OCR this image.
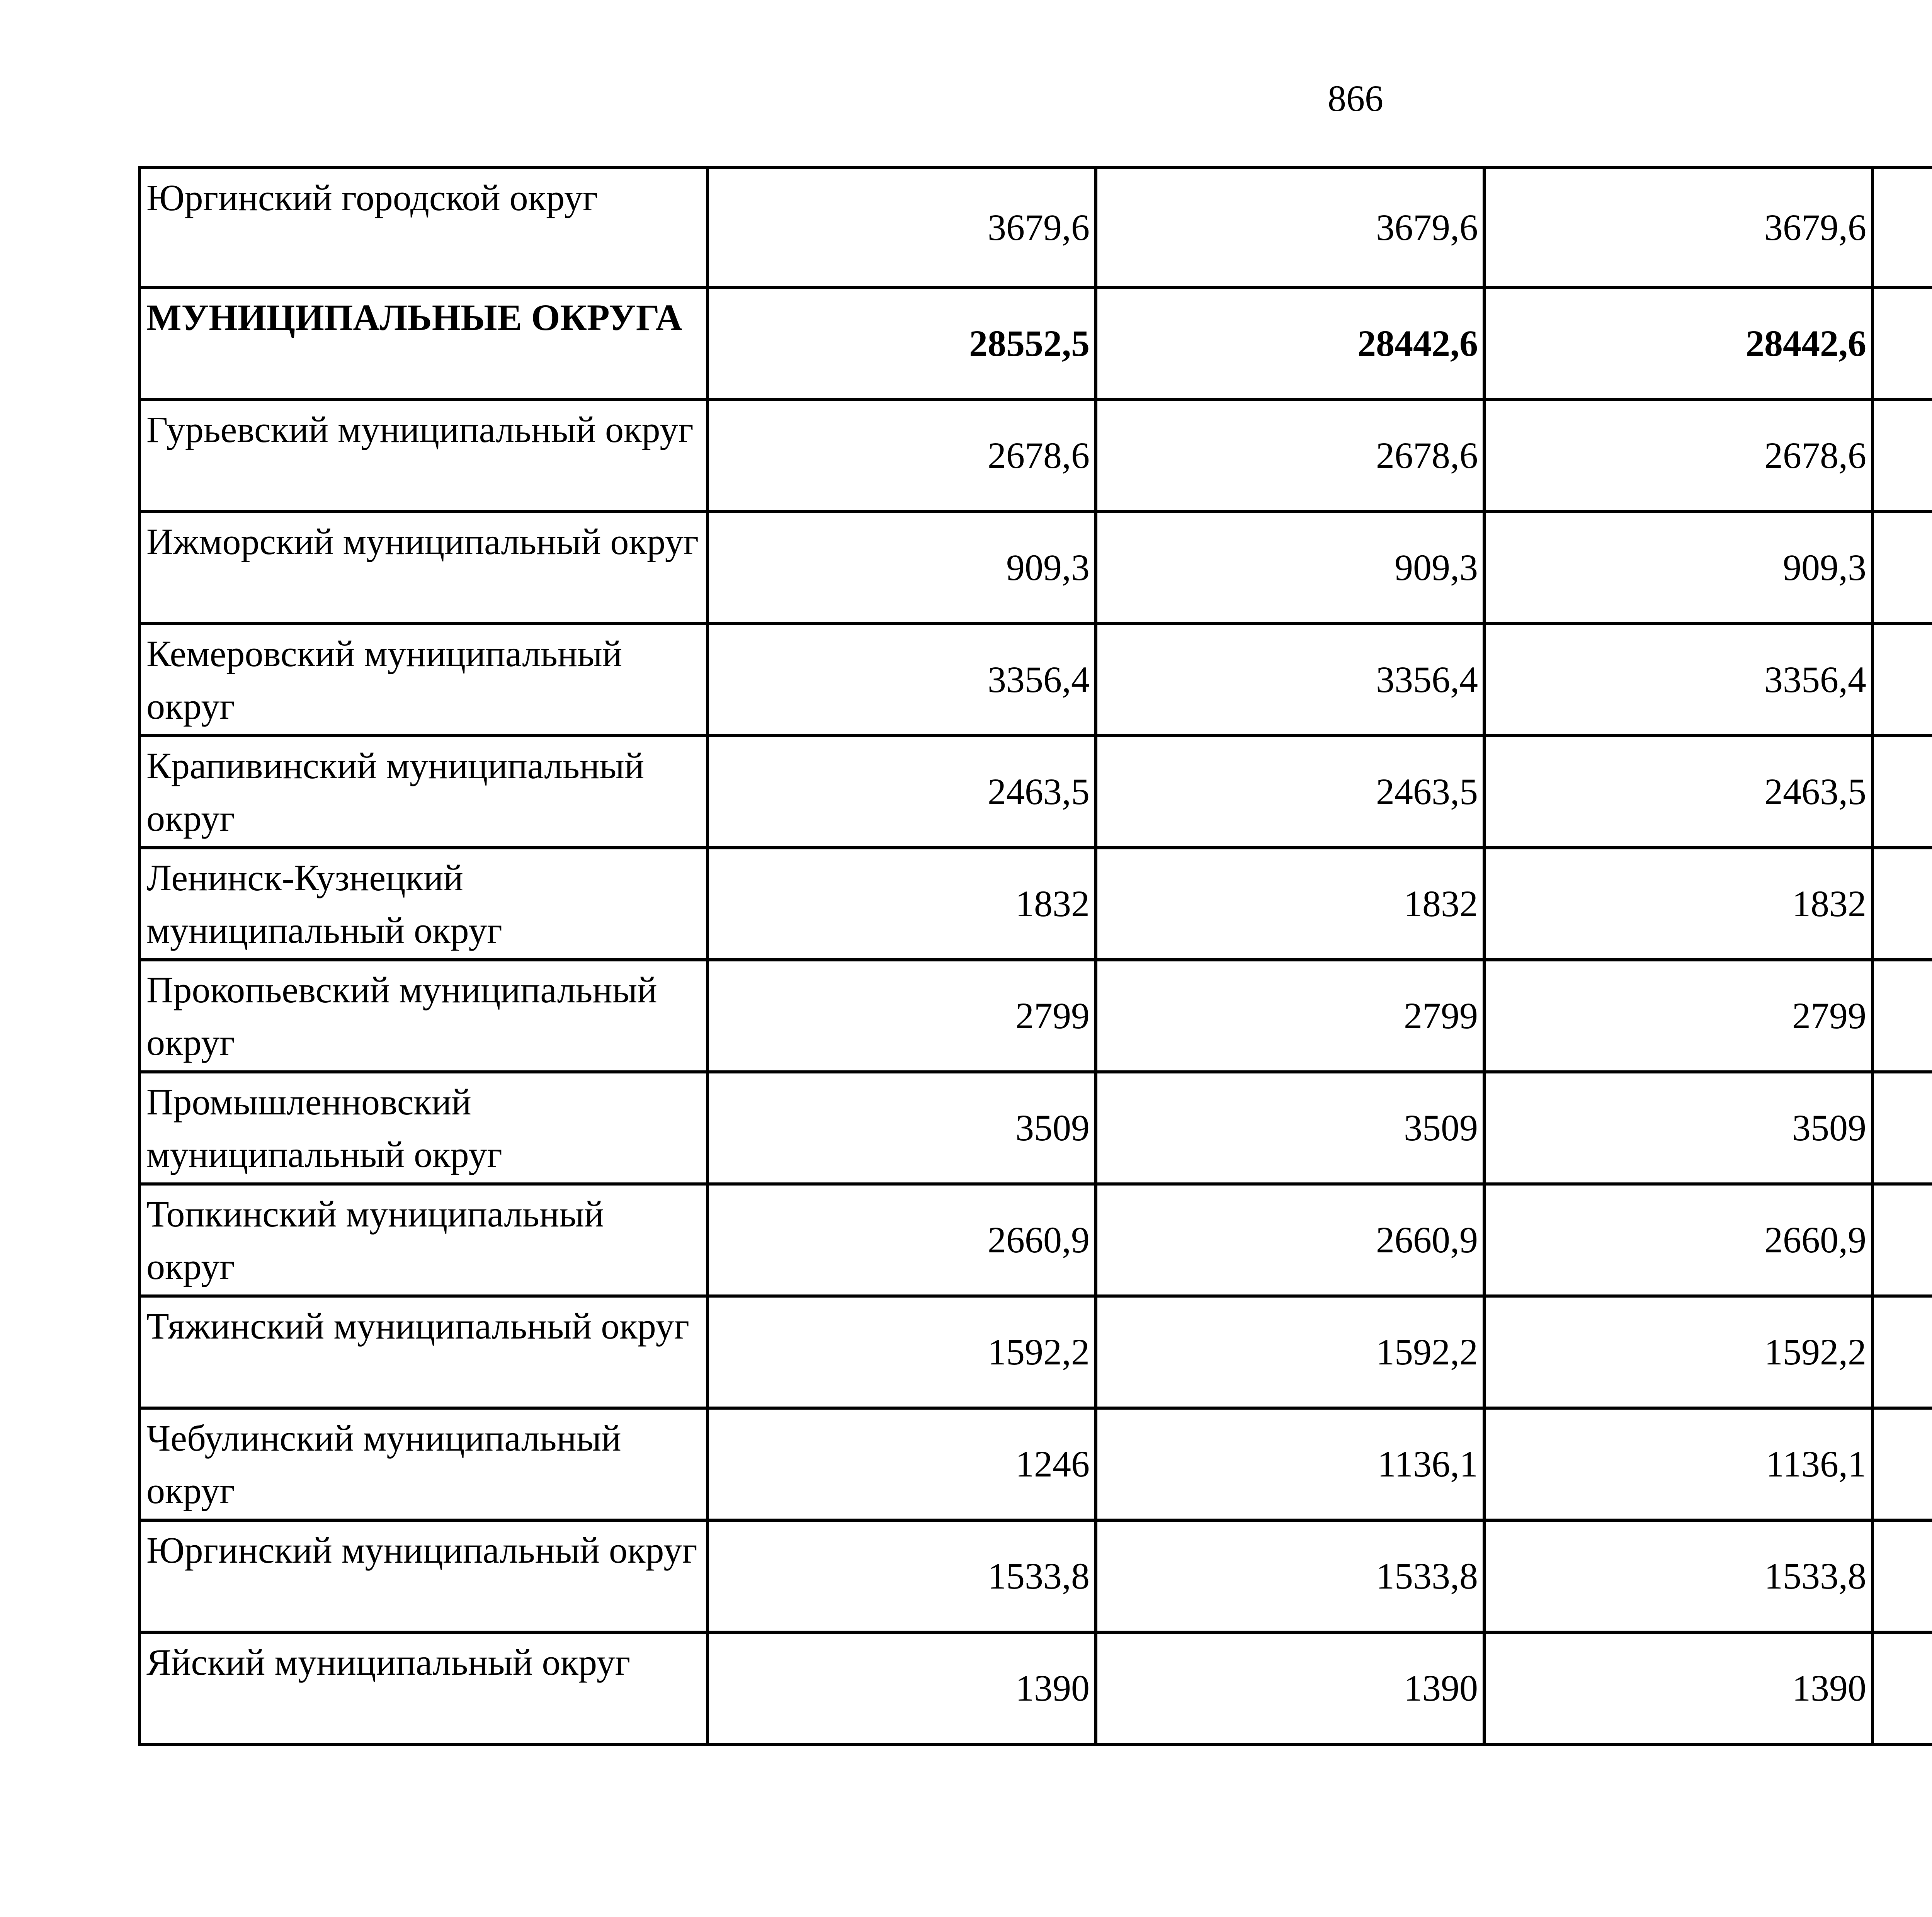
866
Юргинский городской округ	3679,6	3679,6	3679,6			
МУНИЦИПАЛЬНЫЕ ОКРУГА	28552,5	28442,6	28442,6			
Гурьевский муниципальный округ	2678,6	2678,6	2678,6			
Ижморский муниципальный округ	909,3	909,3	909,3			
Кемеровский муниципальный округ	3356,4	3356,4	3356,4			
Крапивинский муниципальный округ	2463,5	2463,5	2463,5			
Ленинск-Кузнецкий муниципальный округ	1832	1832	1832			
Прокопьевский муниципальный округ	2799	2799	2799			
Промышленновский муниципальный округ	3509	3509	3509			
Топкинский муниципальный округ	2660,9	2660,9	2660,9			
Тяжинский муниципальный округ	1592,2	1592,2	1592,2			
Чебулинский муниципальный округ	1246	1136,1	1136,1			
Юргинский муниципальный округ	1533,8	1533,8	1533,8			
Яйский муниципальный округ	1390	1390	1390			
